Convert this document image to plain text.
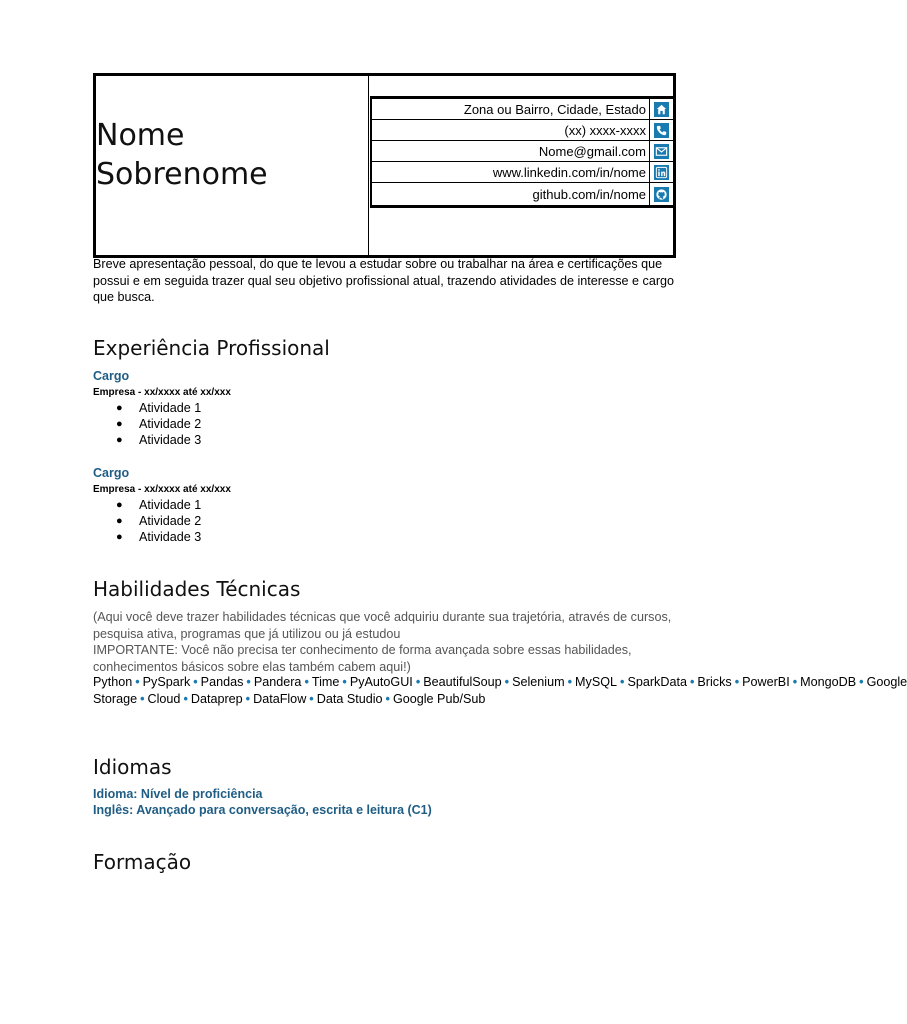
Nome
Sobrenome
Zona ou Bairro, Cidade, Estado
(xx) xxxx-xxxx
Nome@gmail.com
www.linkedin.com/in/nome
github.com/in/nome
Breve apresentação pessoal, do que te levou a estudar sobre ou trabalhar na área e certificações que possui e em seguida trazer qual seu objetivo profissional atual, trazendo atividades de interesse e cargo que busca.
Experiência Profissional
Cargo
Empresa - xx/xxxx até xx/xxx
●	Atividade 1
●	Atividade 2
●	Atividade 3
Cargo
Empresa - xx/xxxx até xx/xxx
●	Atividade 1
●	Atividade 2
●	Atividade 3
Habilidades Técnicas
(Aqui você deve trazer habilidades técnicas que você adquiriu durante sua trajetória, através de cursos, pesquisa ativa, programas que já utilizou ou já estudou
IMPORTANTE: Você não precisa ter conhecimento de forma avançada sobre essas habilidades, conhecimentos básicos sobre elas também cabem aqui!)
Python • PySpark • Pandas • Pandera • Time • PyAutoGUI • BeautifulSoup • Selenium • MySQL • SparkData • Bricks • PowerBI • MongoDB • Google Storage • Cloud • Dataprep • DataFlow • Data Studio • Google Pub/Sub
Idiomas
Idioma: Nível de proficiência
Inglês: Avançado para conversação, escrita e leitura (C1)
Formação
